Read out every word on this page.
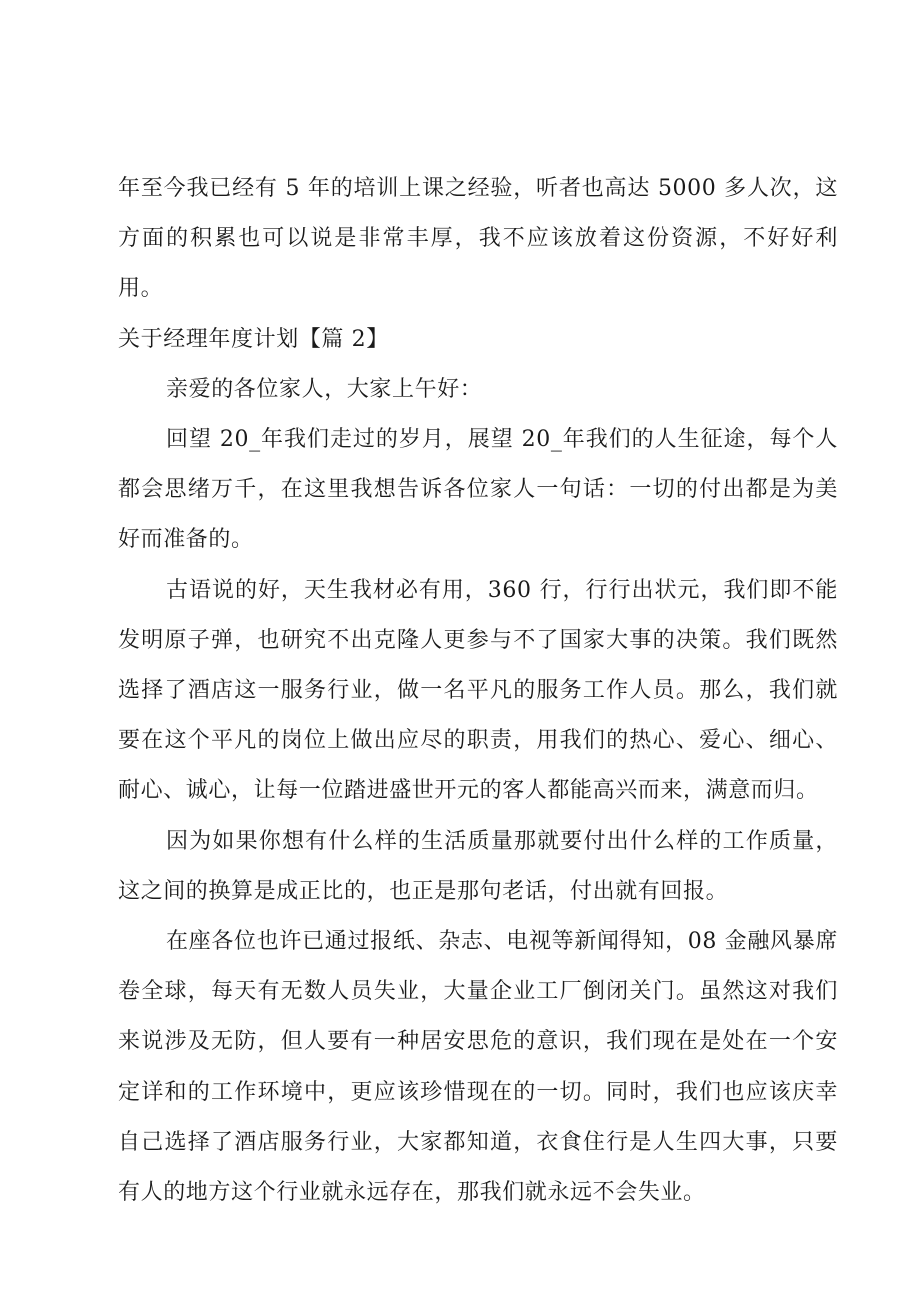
年至今我已经有 5 年的培训上课之经验，听者也高达 5000 多人次，这方面的积累也可以说是非常丰厚，我不应该放着这份资源，不好好利用。

关于经理年度计划【篇 2】

亲爱的各位家人，大家上午好：

回望 20_年我们走过的岁月，展望 20_年我们的人生征途，每个人都会思绪万千，在这里我想告诉各位家人一句话：一切的付出都是为美好而准备的。

古语说的好，天生我材必有用，360 行，行行出状元，我们即不能发明原子弹，也研究不出克隆人更参与不了国家大事的决策。我们既然选择了酒店这一服务行业，做一名平凡的服务工作人员。那么，我们就要在这个平凡的岗位上做出应尽的职责，用我们的热心、爱心、细心、耐心、诚心，让每一位踏进盛世开元的客人都能高兴而来，满意而归。

因为如果你想有什么样的生活质量那就要付出什么样的工作质量，这之间的换算是成正比的，也正是那句老话，付出就有回报。

在座各位也许已通过报纸、杂志、电视等新闻得知，08 金融风暴席卷全球，每天有无数人员失业，大量企业工厂倒闭关门。虽然这对我们来说涉及无防，但人要有一种居安思危的意识，我们现在是处在一个安定详和的工作环境中，更应该珍惜现在的一切。同时，我们也应该庆幸自己选择了酒店服务行业，大家都知道，衣食住行是人生四大事，只要有人的地方这个行业就永远存在，那我们就永远不会失业。
